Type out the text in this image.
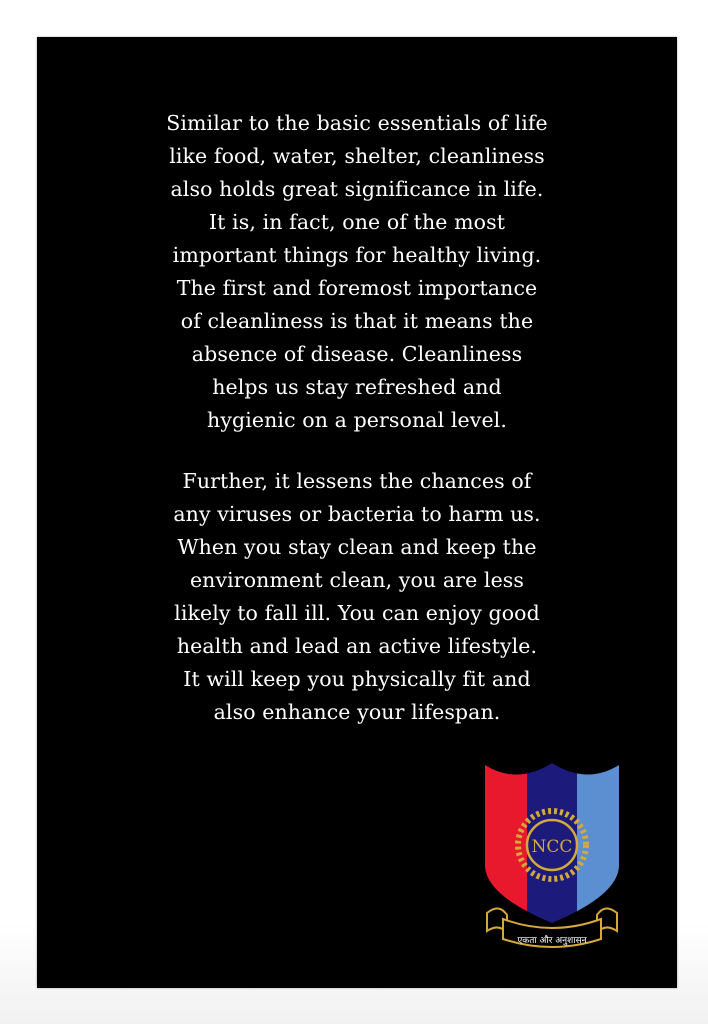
Similar to the basic essentials of life
like food, water, shelter, cleanliness
also holds great significance in life.
It is, in fact, one of the most
important things for healthy living.
The first and foremost importance
of cleanliness is that it means the
absence of disease. Cleanliness
helps us stay refreshed and
hygienic on a personal level.
Further, it lessens the chances of
any viruses or bacteria to harm us.
When you stay clean and keep the
environment clean, you are less
likely to fall ill. You can enjoy good
health and lead an active lifestyle.
It will keep you physically fit and
also enhance your lifespan.
NCC
एकता और अनुशासन
